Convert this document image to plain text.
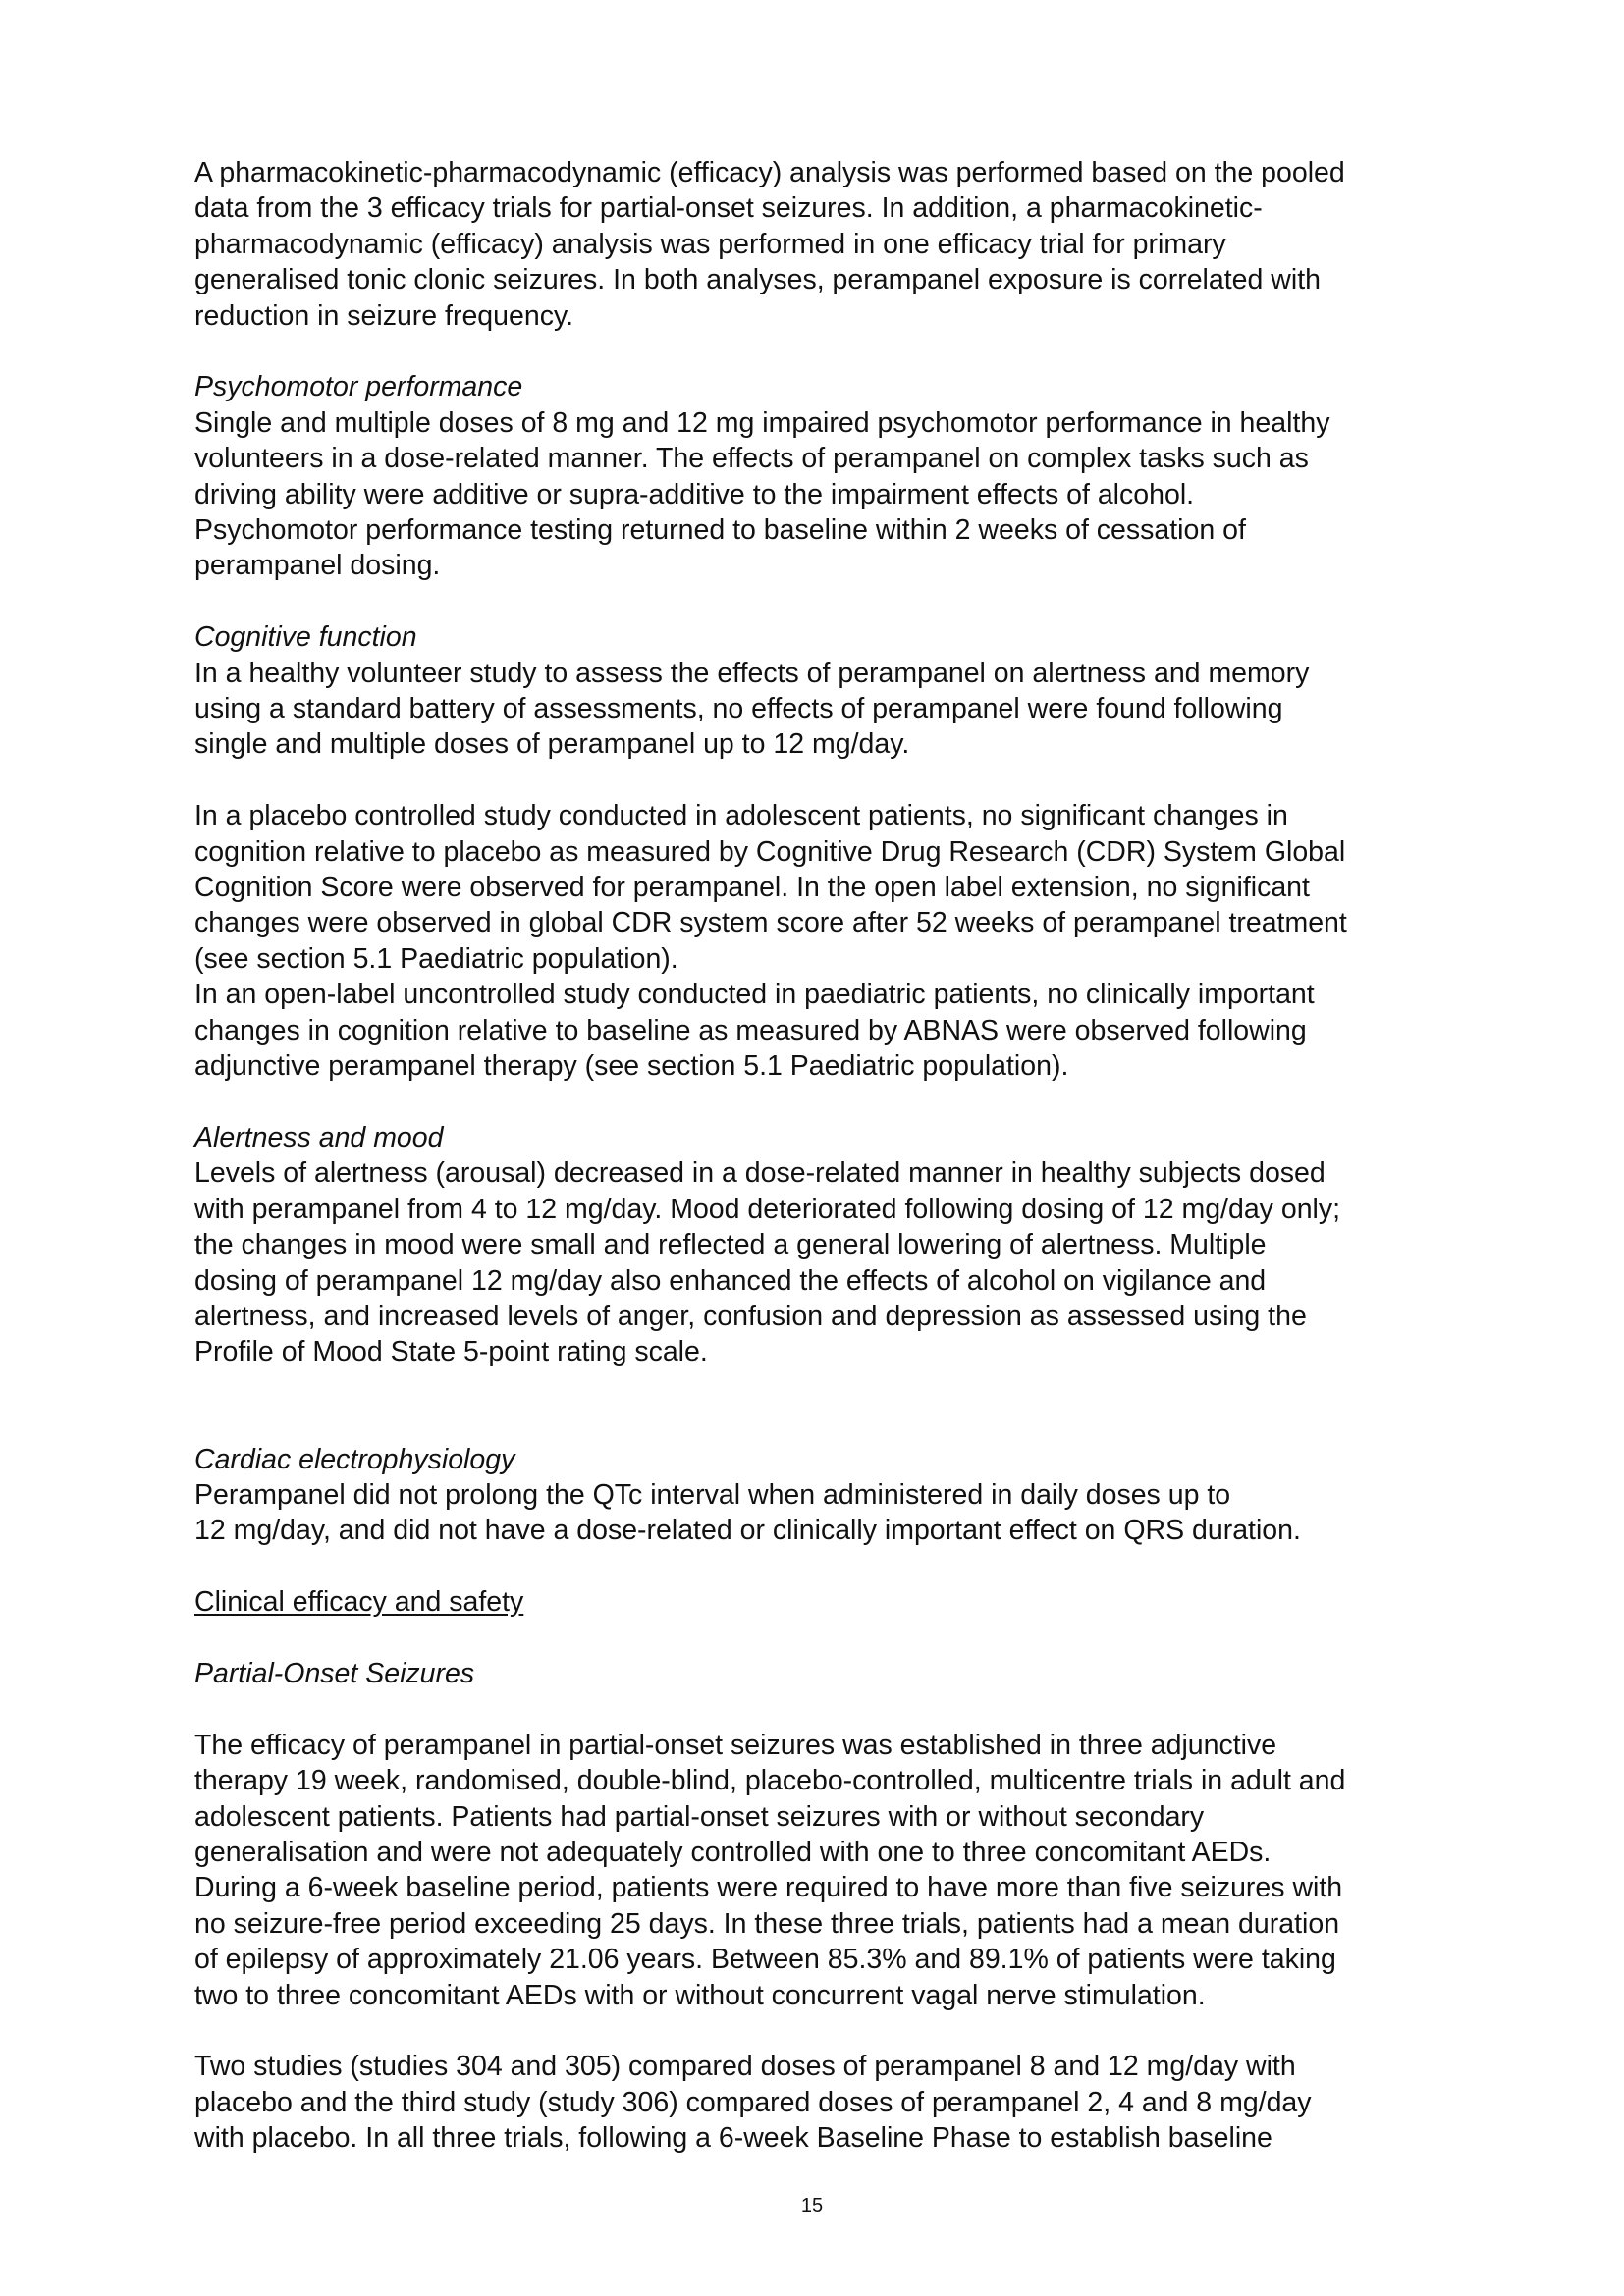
A pharmacokinetic-pharmacodynamic (efficacy) analysis was performed based on the pooled
data from the 3 efficacy trials for partial-onset seizures. In addition, a pharmacokinetic-
pharmacodynamic (efficacy) analysis was performed in one efficacy trial for primary
generalised tonic clonic seizures. In both analyses, perampanel exposure is correlated with
reduction in seizure frequency.
Psychomotor performance
Single and multiple doses of 8 mg and 12 mg impaired psychomotor performance in healthy
volunteers in a dose-related manner. The effects of perampanel on complex tasks such as
driving ability were additive or supra-additive to the impairment effects of alcohol.
Psychomotor performance testing returned to baseline within 2 weeks of cessation of
perampanel dosing.
Cognitive function
In a healthy volunteer study to assess the effects of perampanel on alertness and memory
using a standard battery of assessments, no effects of perampanel were found following
single and multiple doses of perampanel up to 12 mg/day.
In a placebo controlled study conducted in adolescent patients, no significant changes in
cognition relative to placebo as measured by Cognitive Drug Research (CDR) System Global
Cognition Score were observed for perampanel. In the open label extension, no significant
changes were observed in global CDR system score after 52 weeks of perampanel treatment
(see section 5.1 Paediatric population).
In an open-label uncontrolled study conducted in paediatric patients, no clinically important
changes in cognition relative to baseline as measured by ABNAS were observed following
adjunctive perampanel therapy (see section 5.1 Paediatric population).
Alertness and mood
Levels of alertness (arousal) decreased in a dose-related manner in healthy subjects dosed
with perampanel from 4 to 12 mg/day. Mood deteriorated following dosing of 12 mg/day only;
the changes in mood were small and reflected a general lowering of alertness. Multiple
dosing of perampanel 12 mg/day also enhanced the effects of alcohol on vigilance and
alertness, and increased levels of anger, confusion and depression as assessed using the
Profile of Mood State 5-point rating scale.
Cardiac electrophysiology
Perampanel did not prolong the QTc interval when administered in daily doses up to
12 mg/day, and did not have a dose-related or clinically important effect on QRS duration.
Clinical efficacy and safety
Partial-Onset Seizures
The efficacy of perampanel in partial-onset seizures was established in three adjunctive
therapy 19 week, randomised, double-blind, placebo-controlled, multicentre trials in adult and
adolescent patients. Patients had partial-onset seizures with or without secondary
generalisation and were not adequately controlled with one to three concomitant AEDs.
During a 6-week baseline period, patients were required to have more than five seizures with
no seizure-free period exceeding 25 days. In these three trials, patients had a mean duration
of epilepsy of approximately 21.06 years. Between 85.3% and 89.1% of patients were taking
two to three concomitant AEDs with or without concurrent vagal nerve stimulation.
Two studies (studies 304 and 305) compared doses of perampanel 8 and 12 mg/day with
placebo and the third study (study 306) compared doses of perampanel 2, 4 and 8 mg/day
with placebo. In all three trials, following a 6-week Baseline Phase to establish baseline
15
